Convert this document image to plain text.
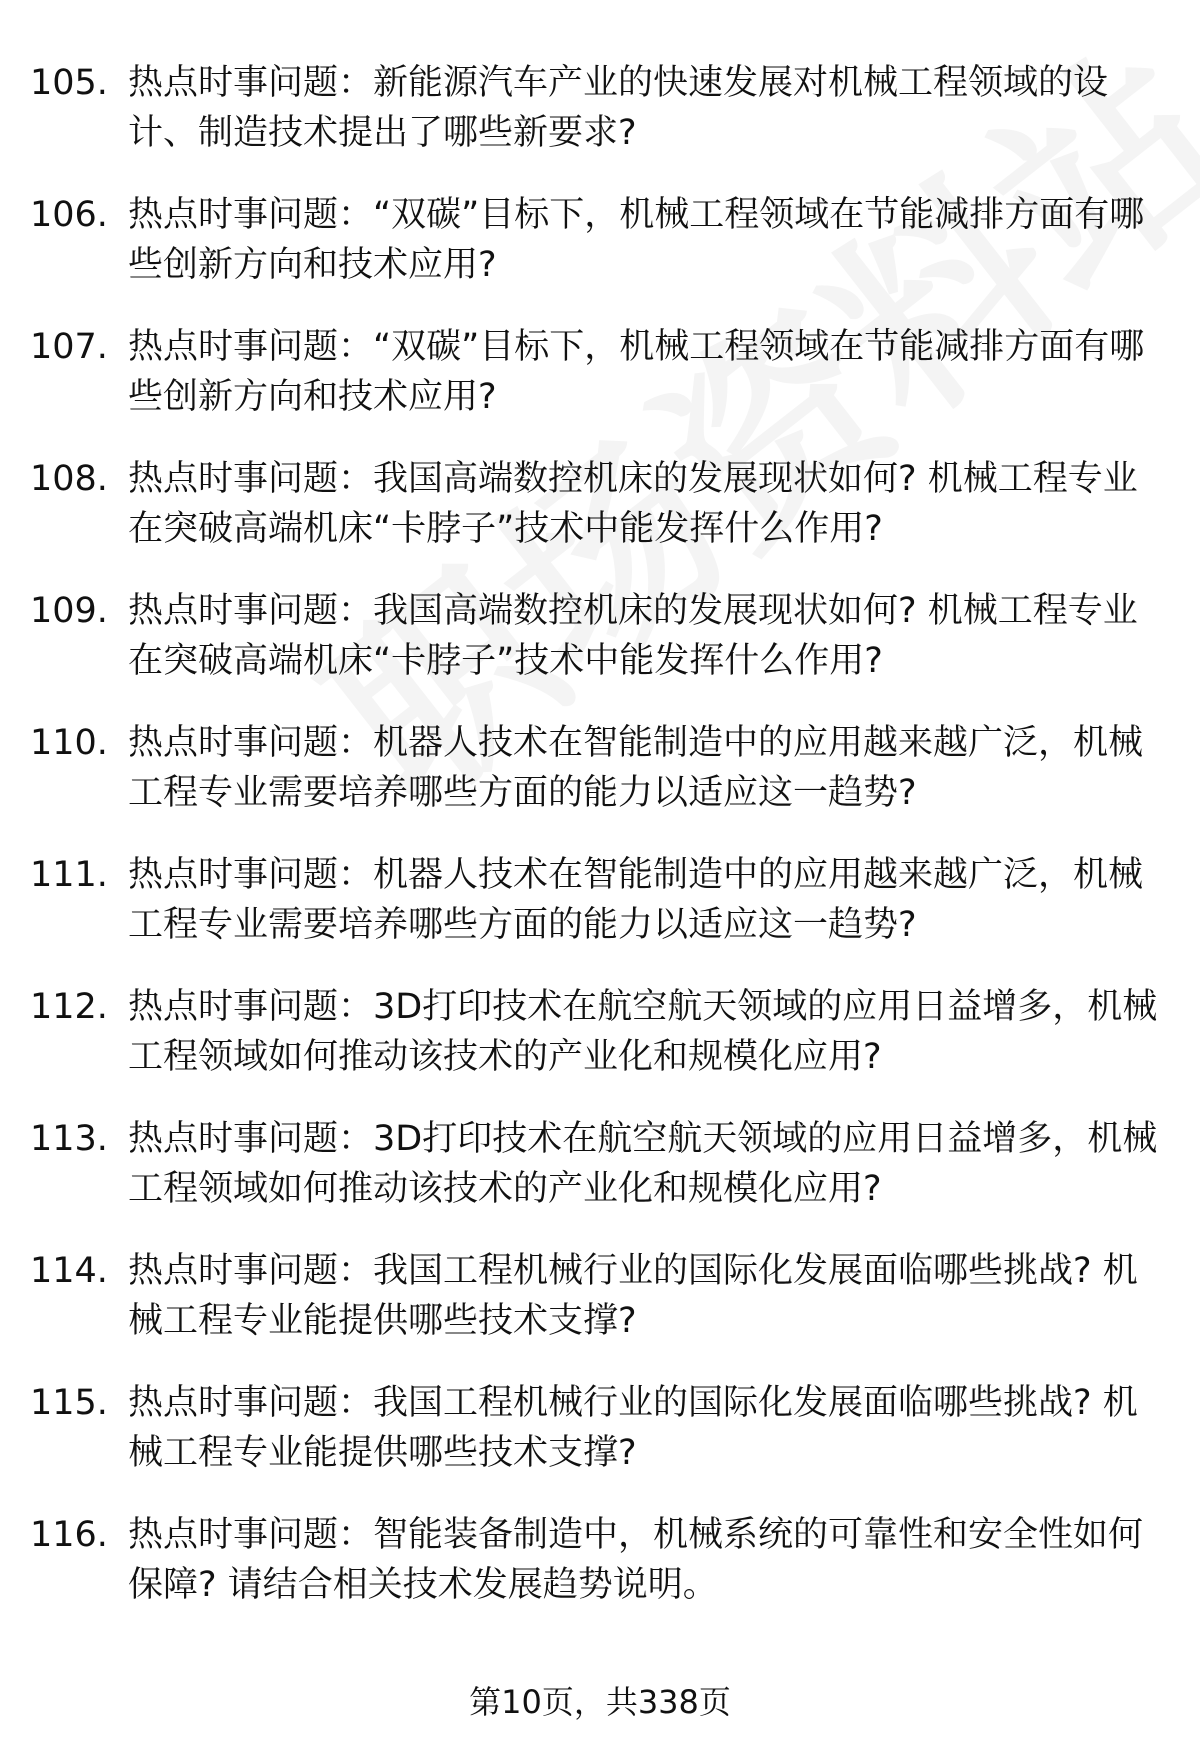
105. 热点时事问题：新能源汽车产业的快速发展对机械工程领域的设计、制造技术提出了哪些新要求?
106. 热点时事问题：“双碳”目标下，机械工程领域在节能减排方面有哪些创新方向和技术应用?
107. 热点时事问题：“双碳”目标下，机械工程领域在节能减排方面有哪些创新方向和技术应用?
108. 热点时事问题：我国高端数控机床的发展现状如何? 机械工程专业在突破高端机床“卡脖子”技术中能发挥什么作用?
109. 热点时事问题：我国高端数控机床的发展现状如何? 机械工程专业在突破高端机床“卡脖子”技术中能发挥什么作用?
110. 热点时事问题：机器人技术在智能制造中的应用越来越广泛，机械工程专业需要培养哪些方面的能力以适应这一趋势?
111. 热点时事问题：机器人技术在智能制造中的应用越来越广泛，机械工程专业需要培养哪些方面的能力以适应这一趋势?
112. 热点时事问题：3D打印技术在航空航天领域的应用日益增多，机械工程领域如何推动该技术的产业化和规模化应用?
113. 热点时事问题：3D打印技术在航空航天领域的应用日益增多，机械工程领域如何推动该技术的产业化和规模化应用?
114. 热点时事问题：我国工程机械行业的国际化发展面临哪些挑战? 机械工程专业能提供哪些技术支撑?
115. 热点时事问题：我国工程机械行业的国际化发展面临哪些挑战? 机械工程专业能提供哪些技术支撑?
116. 热点时事问题：智能装备制造中，机械系统的可靠性和安全性如何保障? 请结合相关技术发展趋势说明。
第10页，共338页
